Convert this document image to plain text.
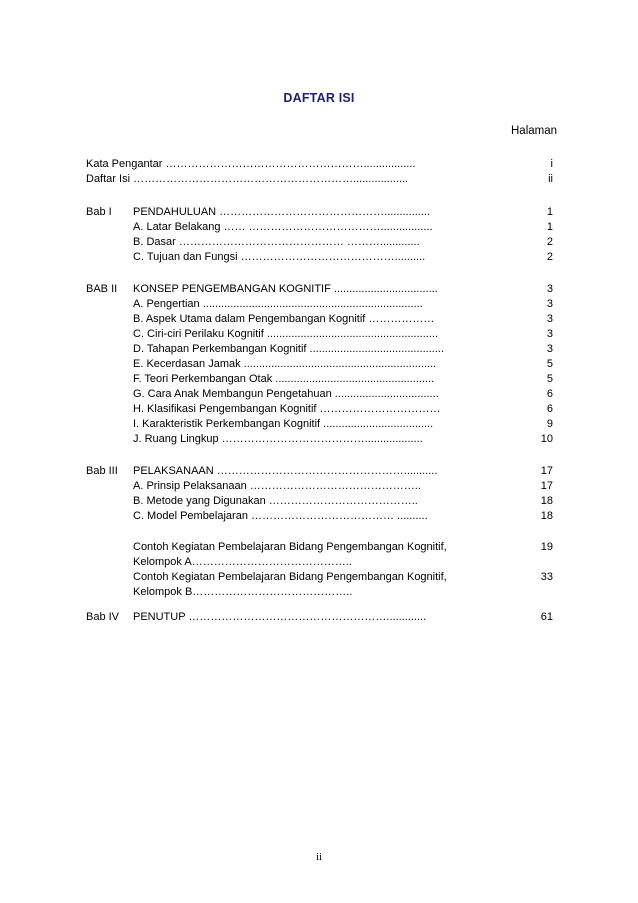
DAFTAR ISI
Halaman
Kata Pengantar ……………………………………………….................	i
Daftar Isi ……………………………………………………..................	ii
Bab I PENDAHULUAN ………………………………………...............	1
A. Latar Belakang …… ……………………………….................	1
B. Dasar ……………………………………… ……….............	2
C. Tujuan dan Fungsi ……………………………………..........	2
BAB II KONSEP PENGEMBANGAN KOGNITIF ..................................	3
A. Pengertian ........................................................................	3
B. Aspek Utama dalam Pengembangan Kognitif ………………	3
C. Ciri-ciri Perilaku Kognitif ........................................................	3
D. Tahapan Perkembangan Kognitif ............................................	3
E. Kecerdasan Jamak ...............................................................	5
F. Teori Perkembangan Otak ....................................................	5
G. Cara Anak Membangun Pengetahuan ..................................	6
H. Klasifikasi Pengembangan Kognitif ……………………………	6
I. Karakteristik Perkembangan Kognitif ....................................	9
J. Ruang Lingkup …………………………………...................	10
Bab III PELAKSANAAN ……………………………………………...........	17
A. Prinsip Pelaksanaan ………………………………………..	17
B. Metode yang Digunakan …………………………………..	18
C. Model Pembelajaran ………………………………… ..........	18
Contoh Kegiatan Pembelajaran Bidang Pengembangan Kognitif,	19
Kelompok A……………………………………..
Contoh Kegiatan Pembelajaran Bidang Pengembangan Kognitif,	33
Kelompok B……………………………………..
Bab IV PENUTUP ……………………………………………….............	61
ii
